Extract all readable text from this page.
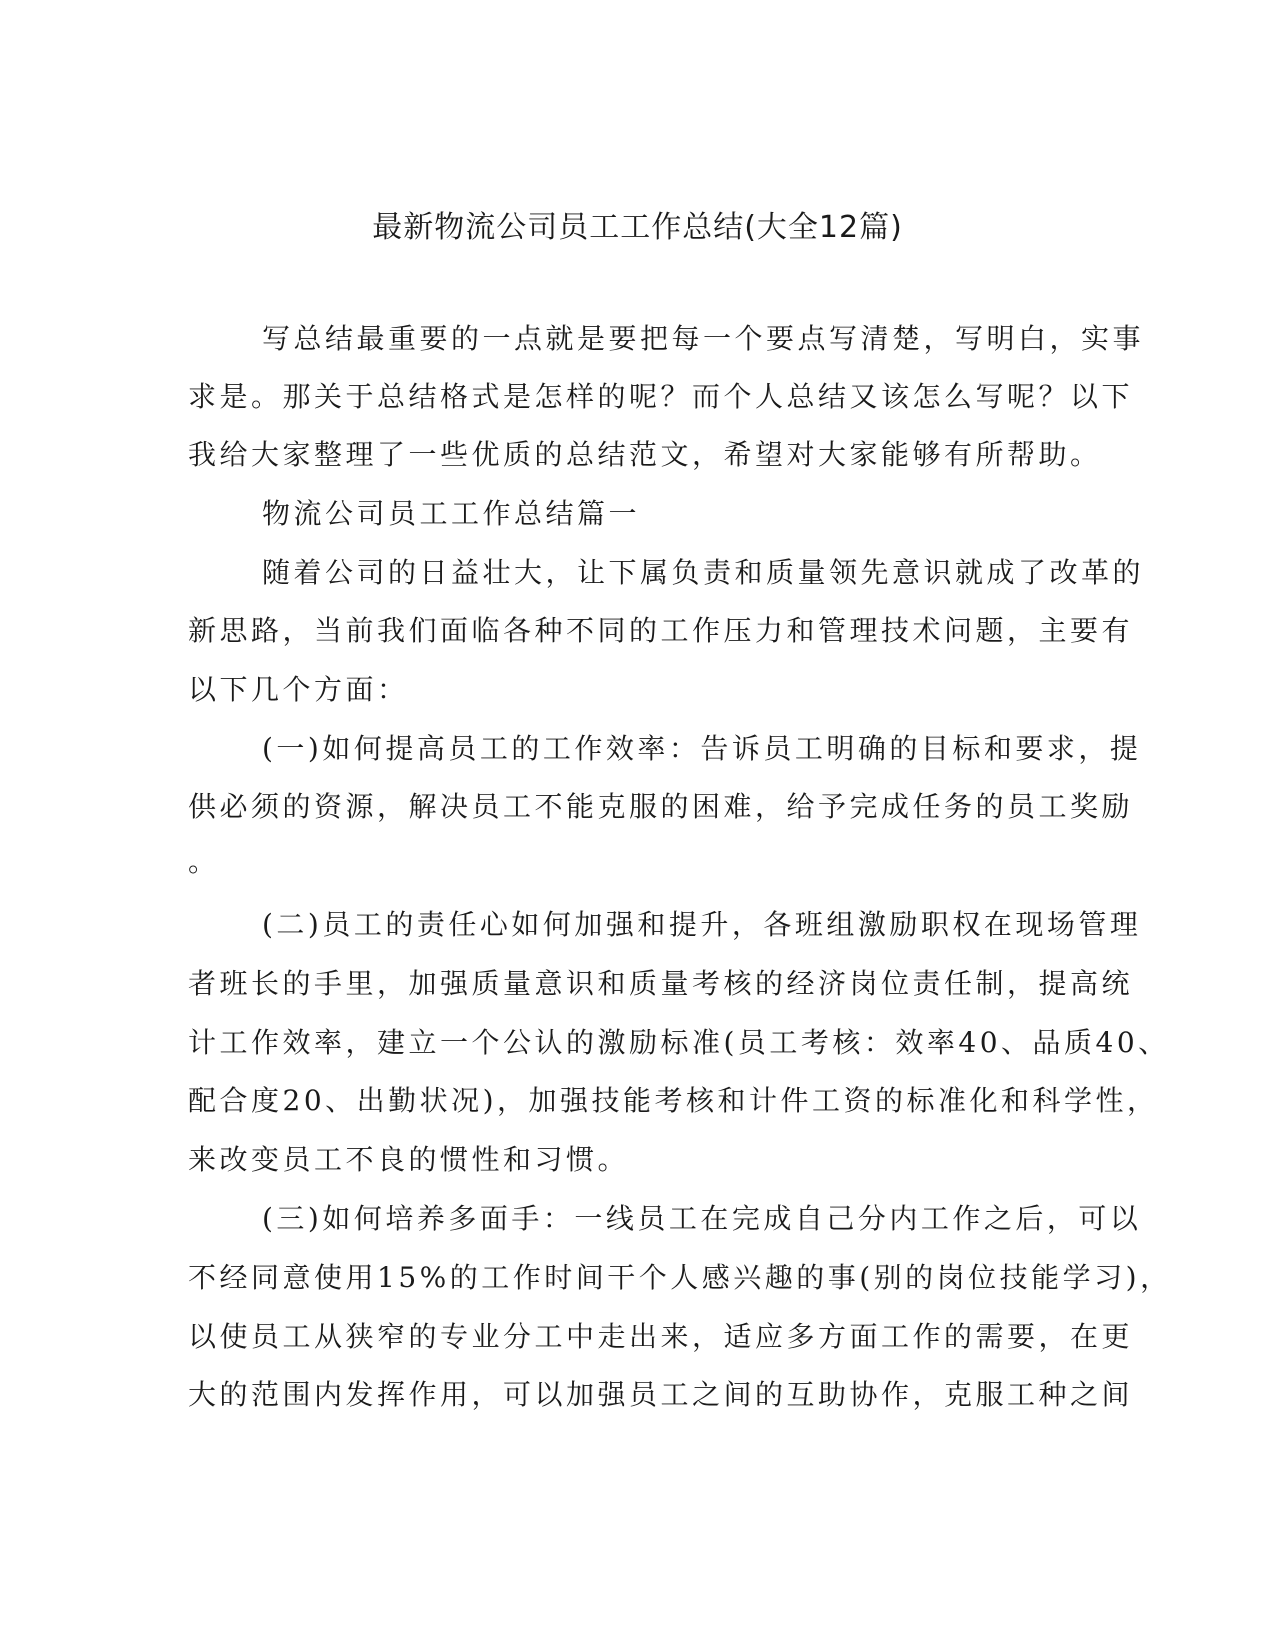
最新物流公司员工工作总结(大全12篇)

写总结最重要的一点就是要把每一个要点写清楚，写明白，实事

求是。那关于总结格式是怎样的呢？而个人总结又该怎么写呢？以下

我给大家整理了一些优质的总结范文，希望对大家能够有所帮助。

物流公司员工工作总结篇一

随着公司的日益壮大，让下属负责和质量领先意识就成了改革的

新思路，当前我们面临各种不同的工作压力和管理技术问题，主要有

以下几个方面：

(一)如何提高员工的工作效率：告诉员工明确的目标和要求，提

供必须的资源，解决员工不能克服的困难，给予完成任务的员工奖励

。

(二)员工的责任心如何加强和提升，各班组激励职权在现场管理

者班长的手里，加强质量意识和质量考核的经济岗位责任制，提高统

计工作效率，建立一个公认的激励标准(员工考核：效率40、品质40、

配合度20、出勤状况)，加强技能考核和计件工资的标准化和科学性，

来改变员工不良的惯性和习惯。

(三)如何培养多面手：一线员工在完成自己分内工作之后，可以

不经同意使用15%的工作时间干个人感兴趣的事(别的岗位技能学习)，

以使员工从狭窄的专业分工中走出来，适应多方面工作的需要，在更

大的范围内发挥作用，可以加强员工之间的互助协作，克服工种之间
